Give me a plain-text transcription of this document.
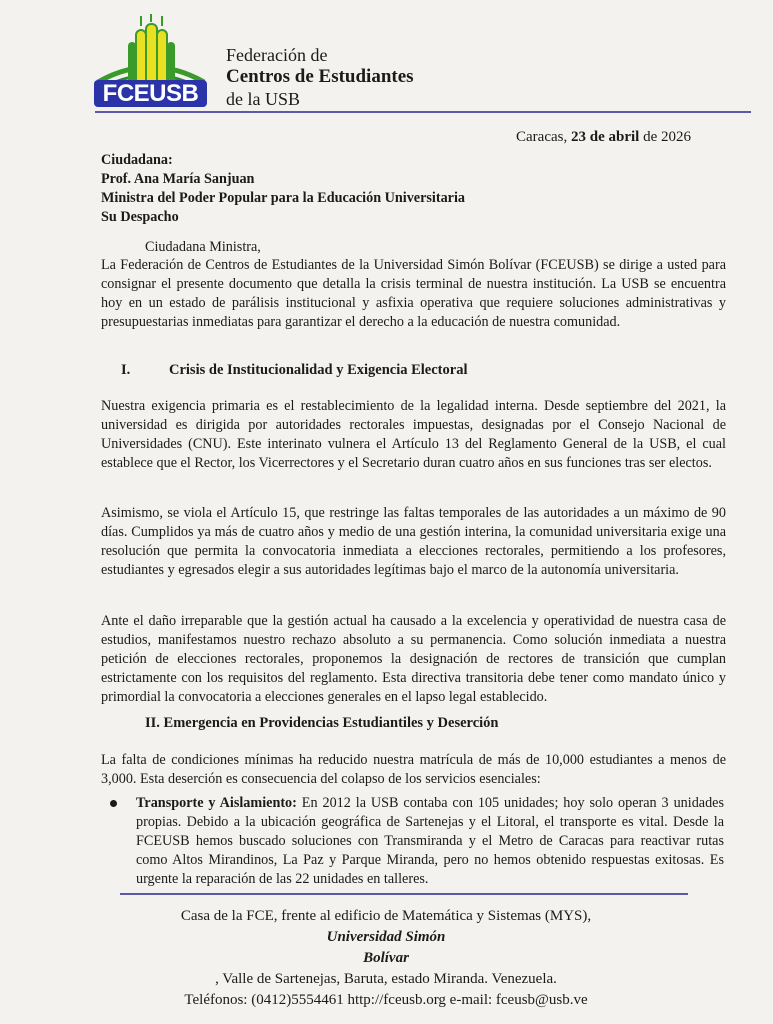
FCEUSB
Federación de
Centros de Estudiantes
de la USB
Caracas, 23 de abril de 2026
Ciudadana:
Prof. Ana María Sanjuan
Ministra del Poder Popular para la Educación Universitaria
Su Despacho
Ciudadana Ministra,
La Federación de Centros de Estudiantes de la Universidad Simón Bolívar (FCEUSB) se dirige a usted para consignar el presente documento que detalla la crisis terminal de nuestra institución. La USB se encuentra hoy en un estado de parálisis institucional y asfixia operativa que requiere soluciones administrativas y presupuestarias inmediatas para garantizar el derecho a la educación de nuestra comunidad.
I.	Crisis de Institucionalidad y Exigencia Electoral
Nuestra exigencia primaria es el restablecimiento de la legalidad interna. Desde septiembre del 2021, la universidad es dirigida por autoridades rectorales impuestas, designadas por el Consejo Nacional de Universidades (CNU). Este interinato vulnera el Artículo 13 del Reglamento General de la USB, el cual establece que el Rector, los Vicerrectores y el Secretario duran cuatro años en sus funciones tras ser electos.
Asimismo, se viola el Artículo 15, que restringe las faltas temporales de las autoridades a un máximo de 90 días. Cumplidos ya más de cuatro años y medio de una gestión interina, la comunidad universitaria exige una resolución que permita la convocatoria inmediata a elecciones rectorales, permitiendo a los profesores, estudiantes y egresados elegir a sus autoridades legítimas bajo el marco de la autonomía universitaria.
Ante el daño irreparable que la gestión actual ha causado a la excelencia y operatividad de nuestra casa de estudios, manifestamos nuestro rechazo absoluto a su permanencia. Como solución inmediata a nuestra petición de elecciones rectorales, proponemos la designación de rectores de transición que cumplan estrictamente con los requisitos del reglamento. Esta directiva transitoria debe tener como mandato único y primordial la convocatoria a elecciones generales en el lapso legal establecido.
II. Emergencia en Providencias Estudiantiles y Deserción
La falta de condiciones mínimas ha reducido nuestra matrícula de más de 10,000 estudiantes a menos de 3,000. Esta deserción es consecuencia del colapso de los servicios esenciales:
Transporte y Aislamiento: En 2012 la USB contaba con 105 unidades; hoy solo operan 3 unidades propias. Debido a la ubicación geográfica de Sartenejas y el Litoral, el transporte es vital. Desde la FCEUSB hemos buscado soluciones con Transmiranda y el Metro de Caracas para reactivar rutas como Altos Mirandinos, La Paz y Parque Miranda, pero no hemos obtenido respuestas exitosas. Es urgente la reparación de las 22 unidades en talleres.
Casa de la FCE, frente al edificio de Matemática y Sistemas (MYS),
Universidad Simón
Bolívar
, Valle de Sartenejas, Baruta, estado Miranda. Venezuela.
Teléfonos: (0412)5554461 http://fceusb.org e-mail: fceusb@usb.ve
